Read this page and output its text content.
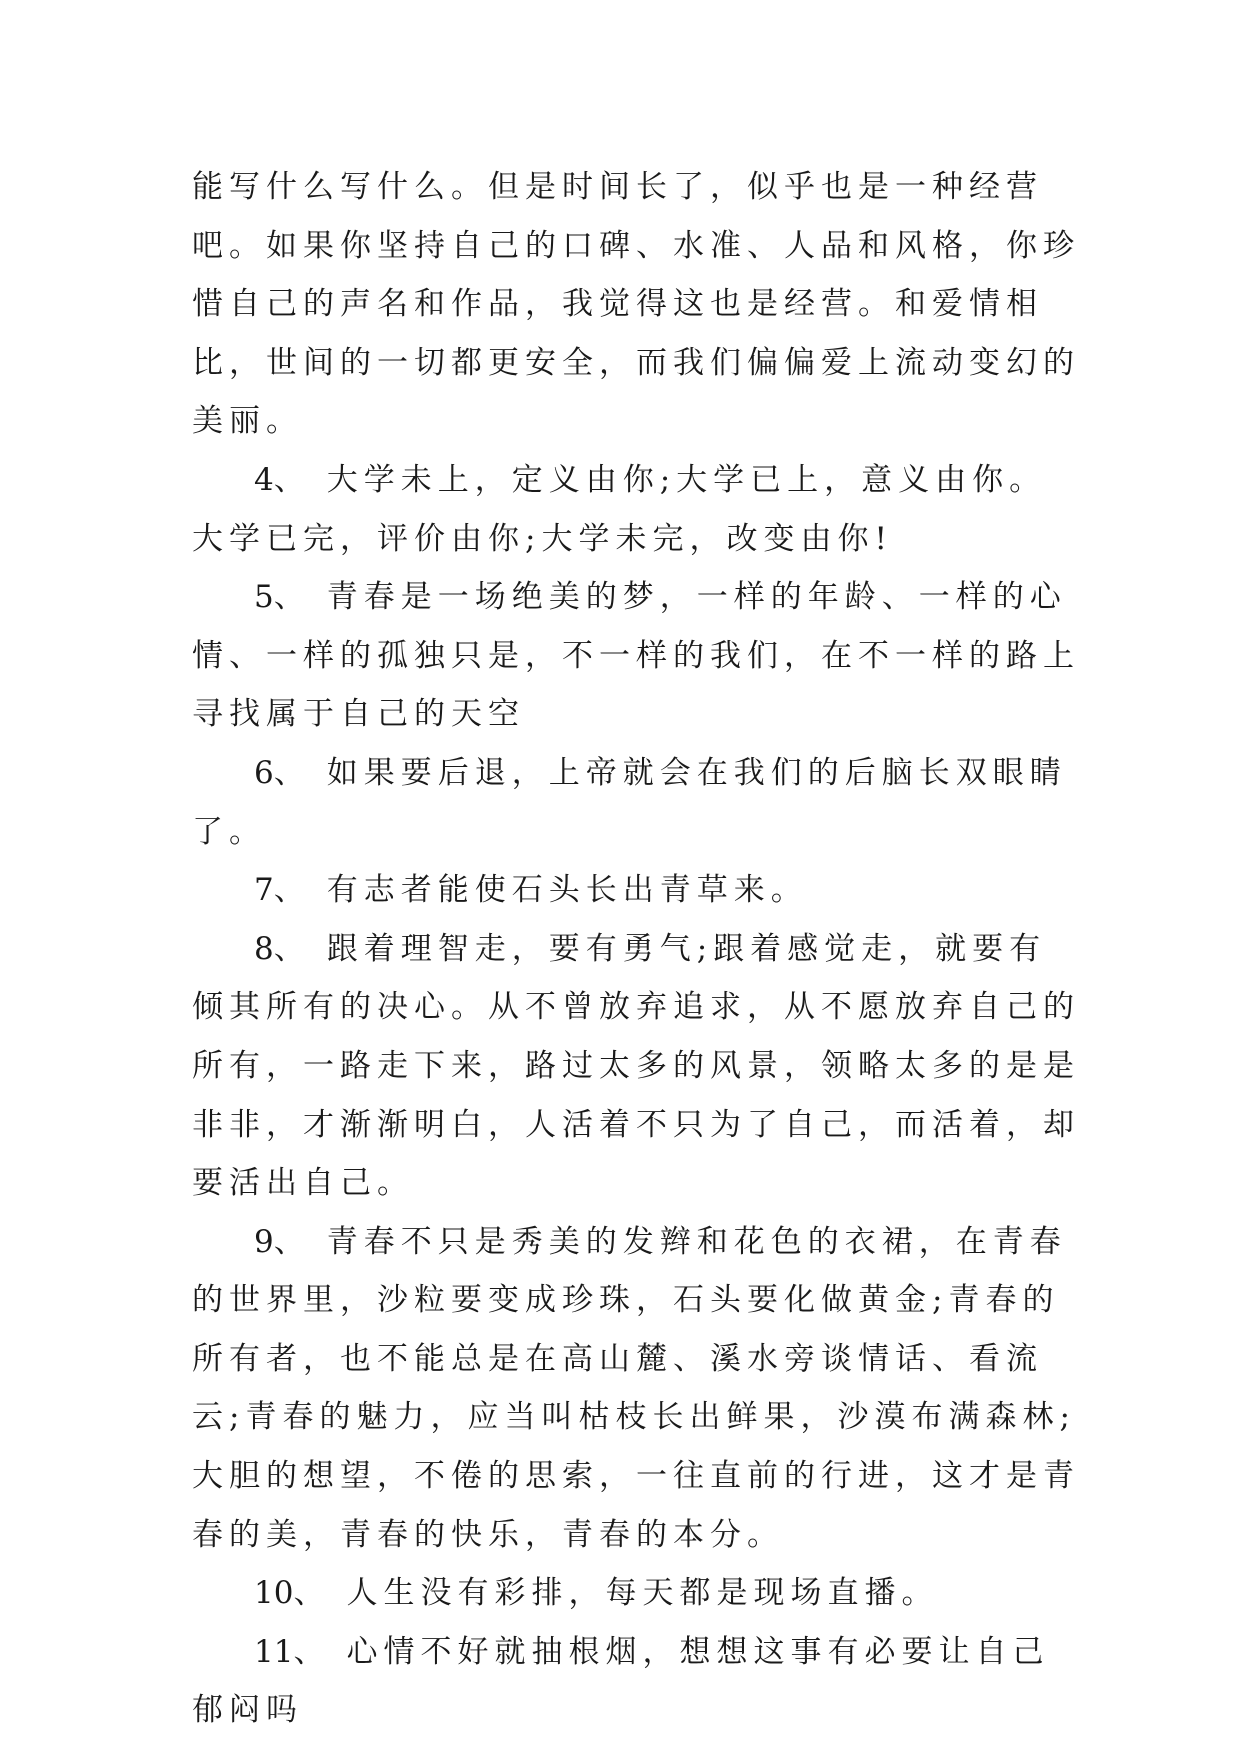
能写什么写什么。但是时间长了，似乎也是一种经营吧。如果你坚持自己的口碑、水准、人品和风格，你珍惜自己的声名和作品，我觉得这也是经营。和爱情相比，世间的一切都更安全，而我们偏偏爱上流动变幻的美丽。

4、 大学未上，定义由你;大学已上，意义由你。大学已完，评价由你;大学未完，改变由你!

5、 青春是一场绝美的梦，一样的年龄、一样的心情、一样的孤独只是，不一样的我们，在不一样的路上寻找属于自己的天空

6、 如果要后退，上帝就会在我们的后脑长双眼睛了。

7、 有志者能使石头长出青草来。

8、 跟着理智走，要有勇气;跟着感觉走，就要有倾其所有的决心。从不曾放弃追求，从不愿放弃自己的所有，一路走下来，路过太多的风景，领略太多的是是非非，才渐渐明白，人活着不只为了自己，而活着，却要活出自己。

9、 青春不只是秀美的发辫和花色的衣裙，在青春的世界里，沙粒要变成珍珠，石头要化做黄金;青春的所有者，也不能总是在高山麓、溪水旁谈情话、看流云;青春的魅力，应当叫枯枝长出鲜果，沙漠布满森林;大胆的想望，不倦的思索，一往直前的行进，这才是青春的美，青春的快乐，青春的本分。

10、 人生没有彩排，每天都是现场直播。

11、 心情不好就抽根烟，想想这事有必要让自己郁闷吗
